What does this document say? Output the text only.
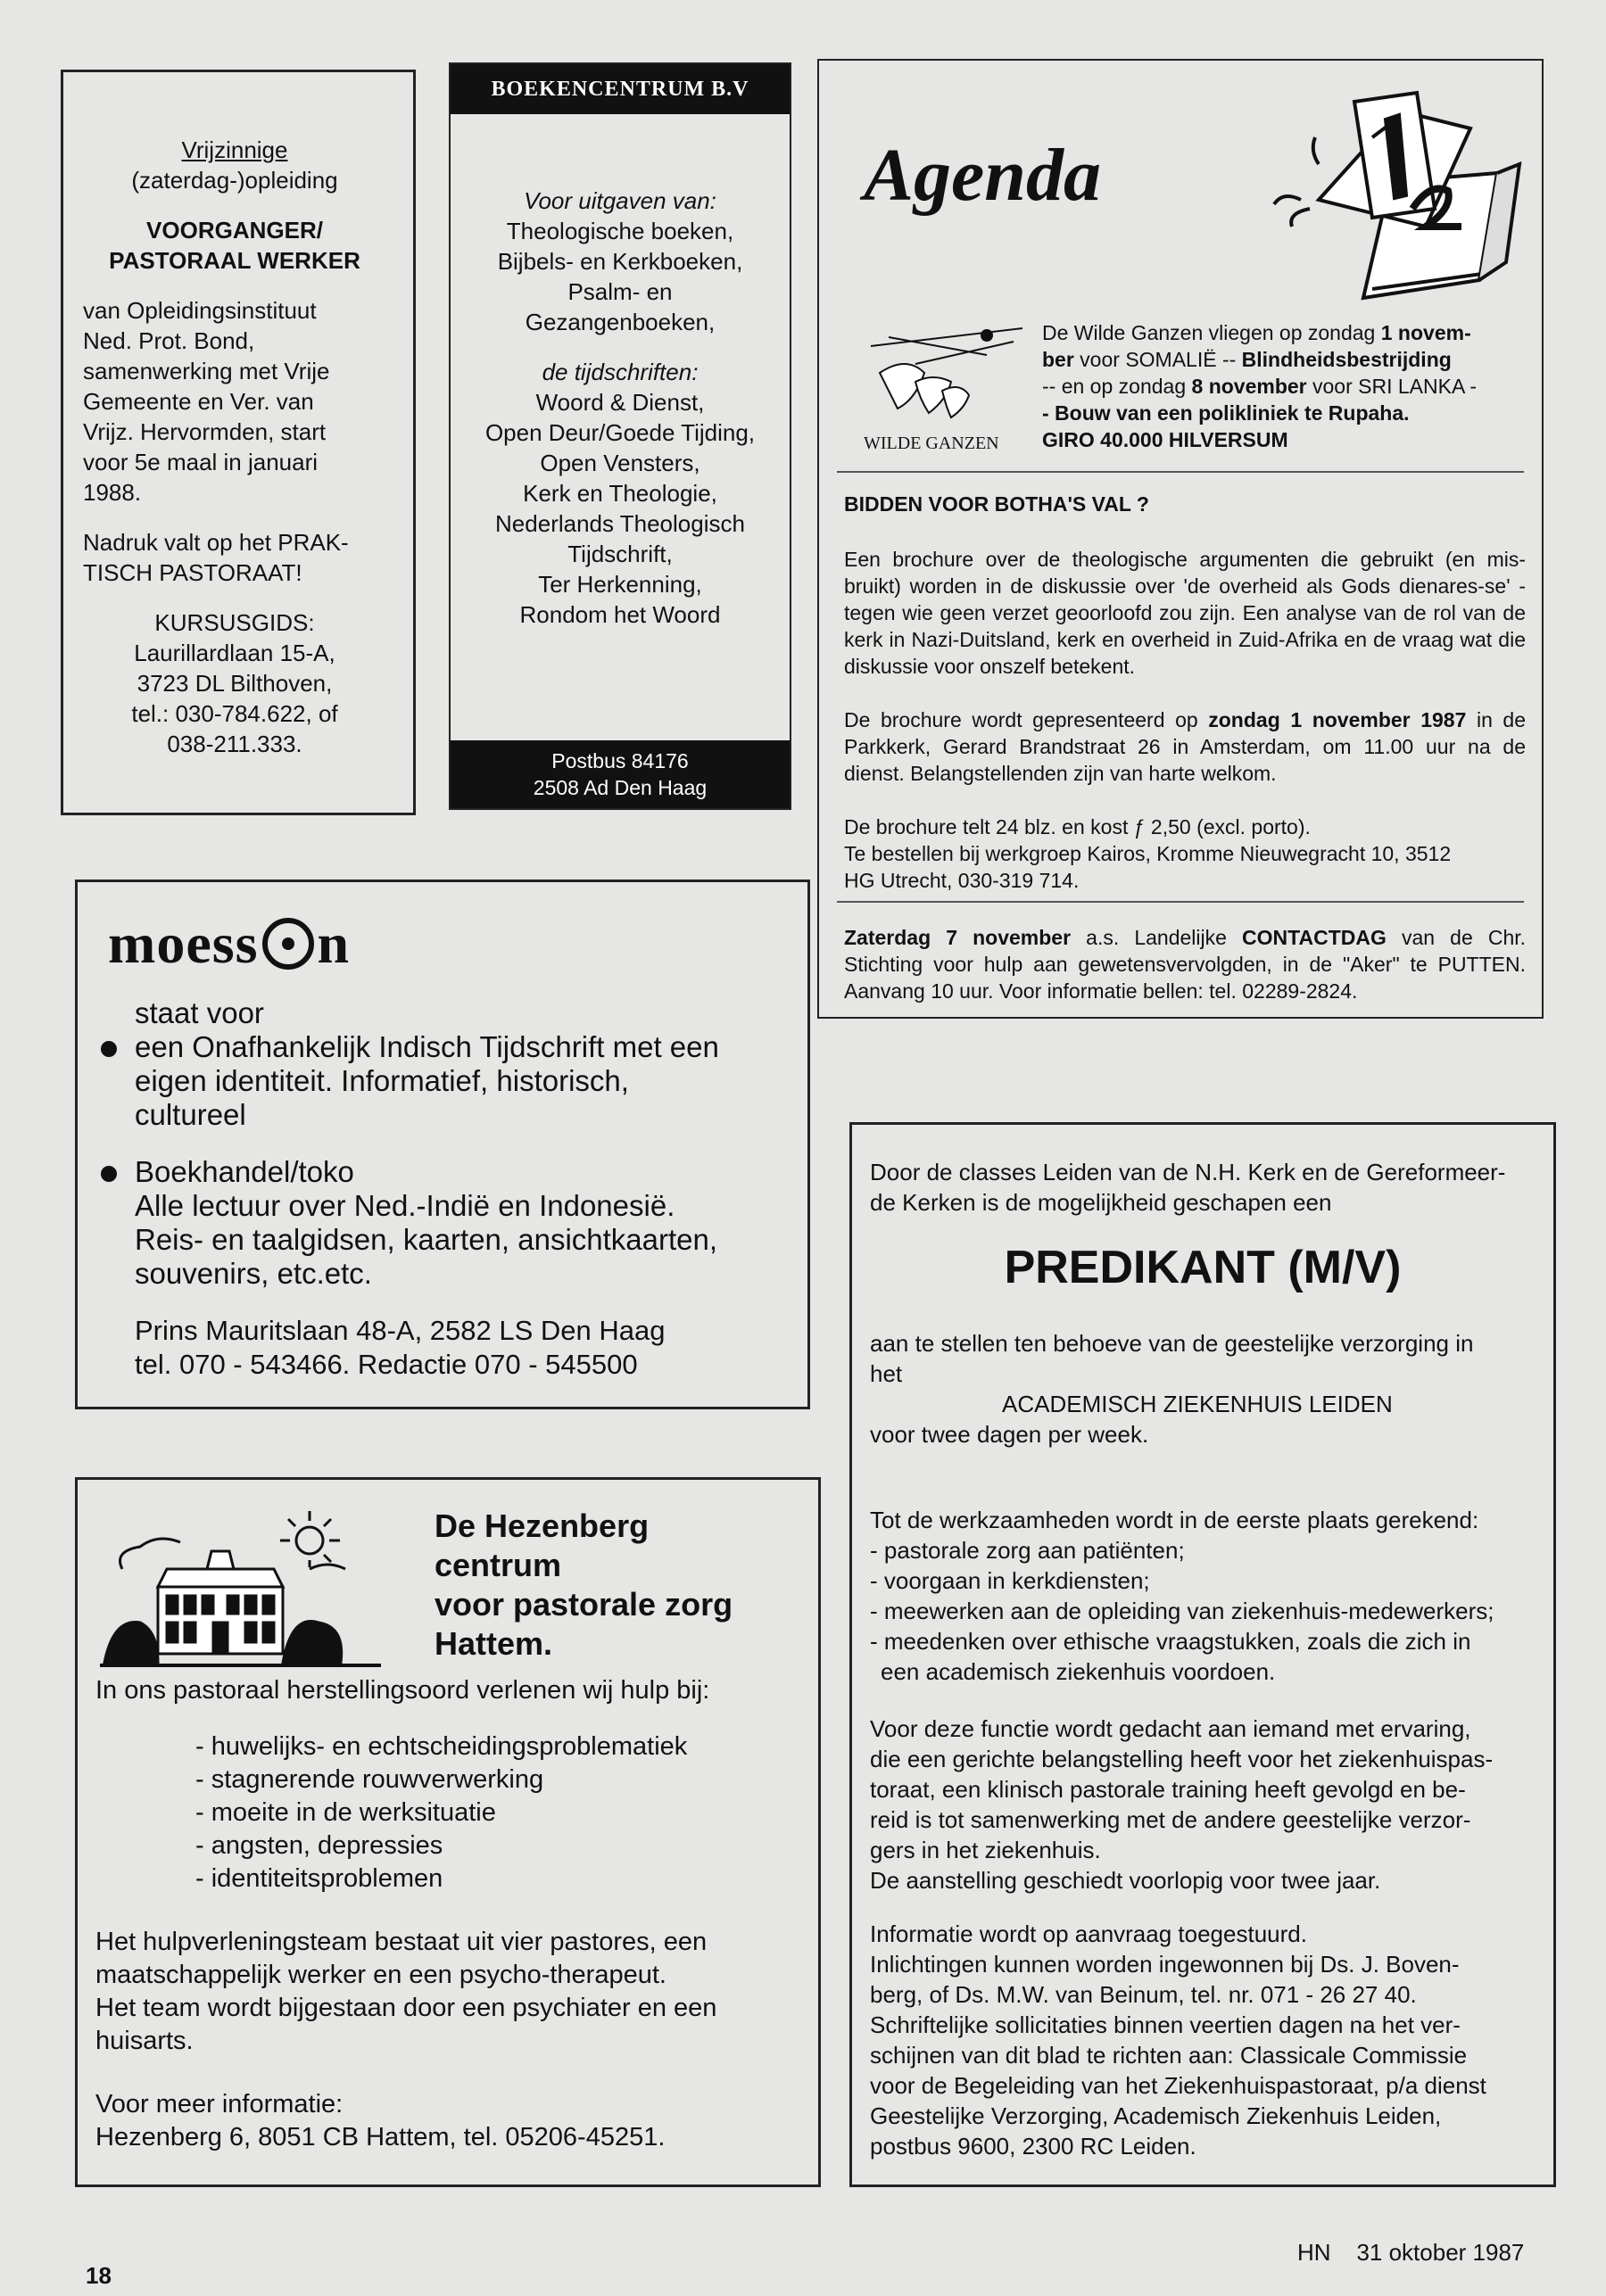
Vrijzinnige
(zaterdag-)opleiding
VOORGANGER/
PASTORAAL WERKER
van Opleidingsinstituut
Ned. Prot. Bond,
samenwerking met Vrije
Gemeente en Ver. van
Vrijz. Hervormden, start
voor 5e maal in januari
1988.
Nadruk valt op het PRAK-
TISCH PASTORAAT!
KURSUSGIDS:
Laurillardlaan 15-A,
3723 DL Bilthoven,
tel.: 030-784.622, of
038-211.333.
BOEKENCENTRUM B.V
Voor uitgaven van:
Theologische boeken,
Bijbels- en Kerkboeken,
Psalm- en
Gezangenboeken,
de tijdschriften:
Woord & Dienst,
Open Deur/Goede Tijding,
Open Vensters,
Kerk en Theologie,
Nederlands Theologisch
Tijdschrift,
Ter Herkenning,
Rondom het Woord
Postbus 84176
2508 Ad Den Haag
Agenda
WILDE GANZEN
De Wilde Ganzen vliegen op zondag 1 novem-
ber voor SOMALIË -- Blindheidsbestrijding
-- en op zondag 8 november voor SRI LANKA -
- Bouw van een polikliniek te Rupaha.
GIRO 40.000 HILVERSUM
BIDDEN VOOR BOTHA'S VAL ?
Een brochure over de theologische argumenten die gebruikt (en mis-bruikt) worden in de diskussie over 'de overheid als Gods dienares-se' - tegen wie geen verzet geoorloofd zou zijn. Een analyse van de rol van de kerk in Nazi-Duitsland, kerk en overheid in Zuid-Afrika en de vraag wat die diskussie voor onszelf betekent.
De brochure wordt gepresenteerd op zondag 1 november 1987 in de Parkkerk, Gerard Brandstraat 26 in Amsterdam, om 11.00 uur na de dienst. Belangstellenden zijn van harte welkom.
De brochure telt 24 blz. en kost ƒ 2,50 (excl. porto).
Te bestellen bij werkgroep Kairos, Kromme Nieuwegracht 10, 3512
HG Utrecht, 030-319 714.
Zaterdag 7 november a.s. Landelijke CONTACTDAG van de Chr. Stichting voor hulp aan gewetensvervolgden, in de "Aker" te PUTTEN. Aanvang 10 uur. Voor informatie bellen: tel. 02289-2824.
moess n
staat voor
een Onafhankelijk Indisch Tijdschrift met een
eigen identiteit. Informatief, historisch,
cultureel
Boekhandel/toko
Alle lectuur over Ned.-Indië en Indonesië.
Reis- en taalgidsen, kaarten, ansichtkaarten,
souvenirs, etc.etc.
Prins Mauritslaan 48-A, 2582 LS Den Haag
tel. 070 - 543466. Redactie 070 - 545500
De Hezenberg
centrum
voor pastorale zorg
Hattem.
In ons pastoraal herstellingsoord verlenen wij hulp bij:
- huwelijks- en echtscheidingsproblematiek
- stagnerende rouwverwerking
- moeite in de werksituatie
- angsten, depressies
- identiteitsproblemen
Het hulpverleningsteam bestaat uit vier pastores, een
maatschappelijk werker en een psycho-therapeut.
Het team wordt bijgestaan door een psychiater en een
huisarts.
Voor meer informatie:
Hezenberg 6, 8051 CB Hattem, tel. 05206-45251.
Door de classes Leiden van de N.H. Kerk en de Gereformeer-
de Kerken is de mogelijkheid geschapen een
PREDIKANT (M/V)
aan te stellen ten behoeve van de geestelijke verzorging in
het
ACADEMISCH ZIEKENHUIS LEIDEN
voor twee dagen per week.
Tot de werkzaamheden wordt in de eerste plaats gerekend:
- pastorale zorg aan patiënten;
- voorgaan in kerkdiensten;
- meewerken aan de opleiding van ziekenhuis-medewerkers;
- meedenken over ethische vraagstukken, zoals die zich in
een academisch ziekenhuis voordoen.
Voor deze functie wordt gedacht aan iemand met ervaring,
die een gerichte belangstelling heeft voor het ziekenhuispas-
toraat, een klinisch pastorale training heeft gevolgd en be-
reid is tot samenwerking met de andere geestelijke verzor-
gers in het ziekenhuis.
De aanstelling geschiedt voorlopig voor twee jaar.
Informatie wordt op aanvraag toegestuurd.
Inlichtingen kunnen worden ingewonnen bij Ds. J. Boven-
berg, of Ds. M.W. van Beinum, tel. nr. 071 - 26 27 40.
Schriftelijke sollicitaties binnen veertien dagen na het ver-
schijnen van dit blad te richten aan: Classicale Commissie
voor de Begeleiding van het Ziekenhuispastoraat, p/a dienst
Geestelijke Verzorging, Academisch Ziekenhuis Leiden,
postbus 9600, 2300 RC Leiden.
18
HN    31 oktober 1987
